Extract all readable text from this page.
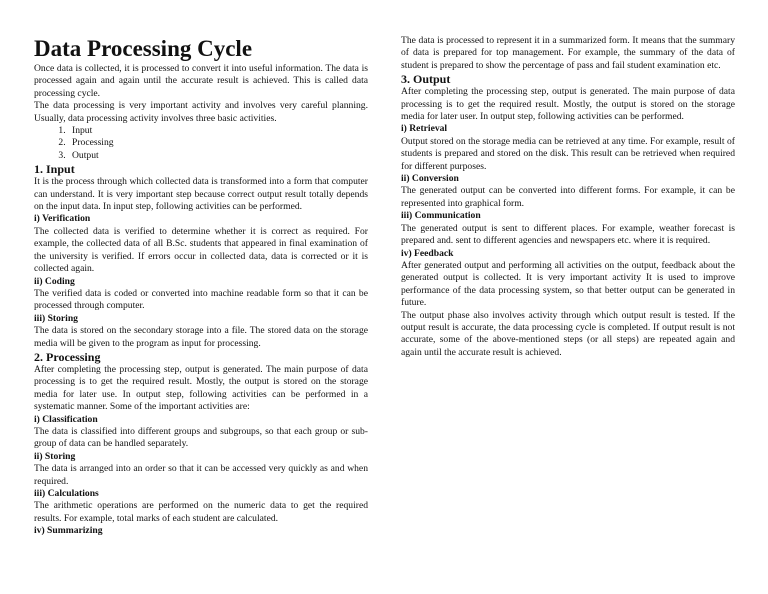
Data Processing Cycle

Once data is collected, it is processed to convert it into useful information. The data is processed again and again until the accurate result is achieved. This is called data processing cycle.

The data processing is very important activity and involves very careful planning. Usually, data processing activity involves three basic activities.

1. Input
2. Processing
3. Output
1. Input

It is the process through which collected data is transformed into a form that computer can understand. It is very important step because correct output result totally depends on the input data. In input step, following activities can be performed.

i) Verification

The collected data is verified to determine whether it is correct as required. For example, the collected data of all B.Sc. students that appeared in final examination of the university is verified. If errors occur in collected data, data is corrected or it is collected again.

ii) Coding

The verified data is coded or converted into machine readable form so that it can be processed through computer.

iii) Storing

The data is stored on the secondary storage into a file. The stored data on the storage media will be given to the program as input for processing.

2. Processing

After completing the processing step, output is generated. The main purpose of data processing is to get the required result. Mostly, the output is stored on the storage media for later use. In output step, following activities can be performed in a systematic manner. Some of the important activities are:

i) Classification

The data is classified into different groups and subgroups, so that each group or sub-group of data can be handled separately.

ii) Storing

The data is arranged into an order so that it can be accessed very quickly as and when required.

iii) Calculations

The arithmetic operations are performed on the numeric data to get the required results. For example, total marks of each student are calculated.

iv) Summarizing

The data is processed to represent it in a summarized form. It means that the summary of data is prepared for top management. For example, the summary of the data of student is prepared to show the percentage of pass and fail student examination etc.

3. Output

After completing the processing step, output is generated. The main purpose of data processing is to get the required result. Mostly, the output is stored on the storage media for later user. In output step, following activities can be performed.

i) Retrieval

Output stored on the storage media can be retrieved at any time. For example, result of students is prepared and stored on the disk. This result can be retrieved when required for different purposes.

ii) Conversion

The generated output can be converted into different forms. For example, it can be represented into graphical form.

iii) Communication

The generated output is sent to different places. For example, weather forecast is prepared and. sent to different agencies and newspapers etc. where it is required.

iv) Feedback

After generated output and performing all activities on the output, feedback about the generated output is collected. It is very important activity It is used to improve performance of the data processing system, so that better output can be generated in future.

The output phase also involves activity through which output result is tested. If the output result is accurate, the data processing cycle is completed. If output result is not accurate, some of the above-mentioned steps (or all steps) are repeated again and again until the accurate result is achieved.
